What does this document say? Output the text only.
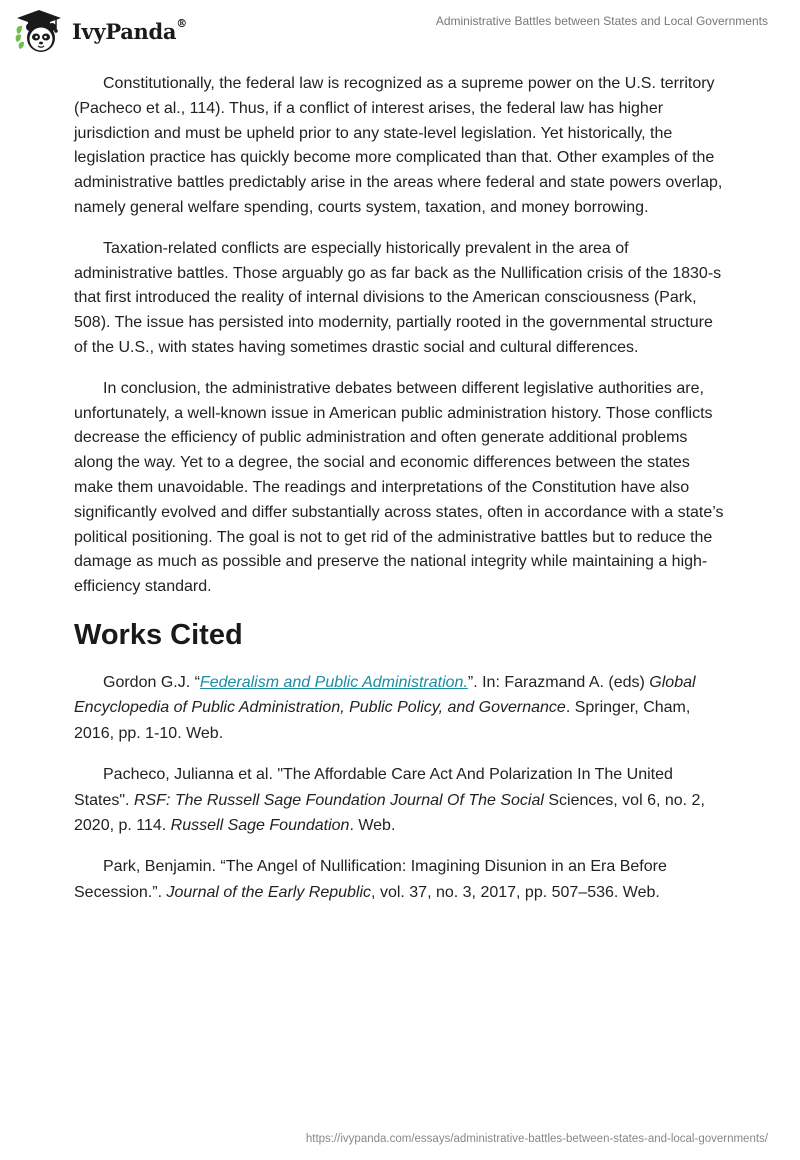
IvyPanda®	Administrative Battles between States and Local Governments

Constitutionally, the federal law is recognized as a supreme power on the U.S. territory (Pacheco et al., 114). Thus, if a conflict of interest arises, the federal law has higher jurisdiction and must be upheld prior to any state-level legislation. Yet historically, the legislation practice has quickly become more complicated than that. Other examples of the administrative battles predictably arise in the areas where federal and state powers overlap, namely general welfare spending, courts system, taxation, and money borrowing.

Taxation-related conflicts are especially historically prevalent in the area of administrative battles. Those arguably go as far back as the Nullification crisis of the 1830-s that first introduced the reality of internal divisions to the American consciousness (Park, 508). The issue has persisted into modernity, partially rooted in the governmental structure of the U.S., with states having sometimes drastic social and cultural differences.

In conclusion, the administrative debates between different legislative authorities are, unfortunately, a well-known issue in American public administration history. Those conflicts decrease the efficiency of public administration and often generate additional problems along the way. Yet to a degree, the social and economic differences between the states make them unavoidable. The readings and interpretations of the Constitution have also significantly evolved and differ substantially across states, often in accordance with a state’s political positioning. The goal is not to get rid of the administrative battles but to reduce the damage as much as possible and preserve the national integrity while maintaining a high-efficiency standard.

Works Cited

Gordon G.J. “Federalism and Public Administration.”. In: Farazmand A. (eds) Global Encyclopedia of Public Administration, Public Policy, and Governance. Springer, Cham, 2016, pp. 1-10. Web.

Pacheco, Julianna et al. "The Affordable Care Act And Polarization In The United States". RSF: The Russell Sage Foundation Journal Of The Social Sciences, vol 6, no. 2, 2020, p. 114. Russell Sage Foundation. Web.

Park, Benjamin. “The Angel of Nullification: Imagining Disunion in an Era Before Secession.”. Journal of the Early Republic, vol. 37, no. 3, 2017, pp. 507–536. Web.

https://ivypanda.com/essays/administrative-battles-between-states-and-local-governments/
